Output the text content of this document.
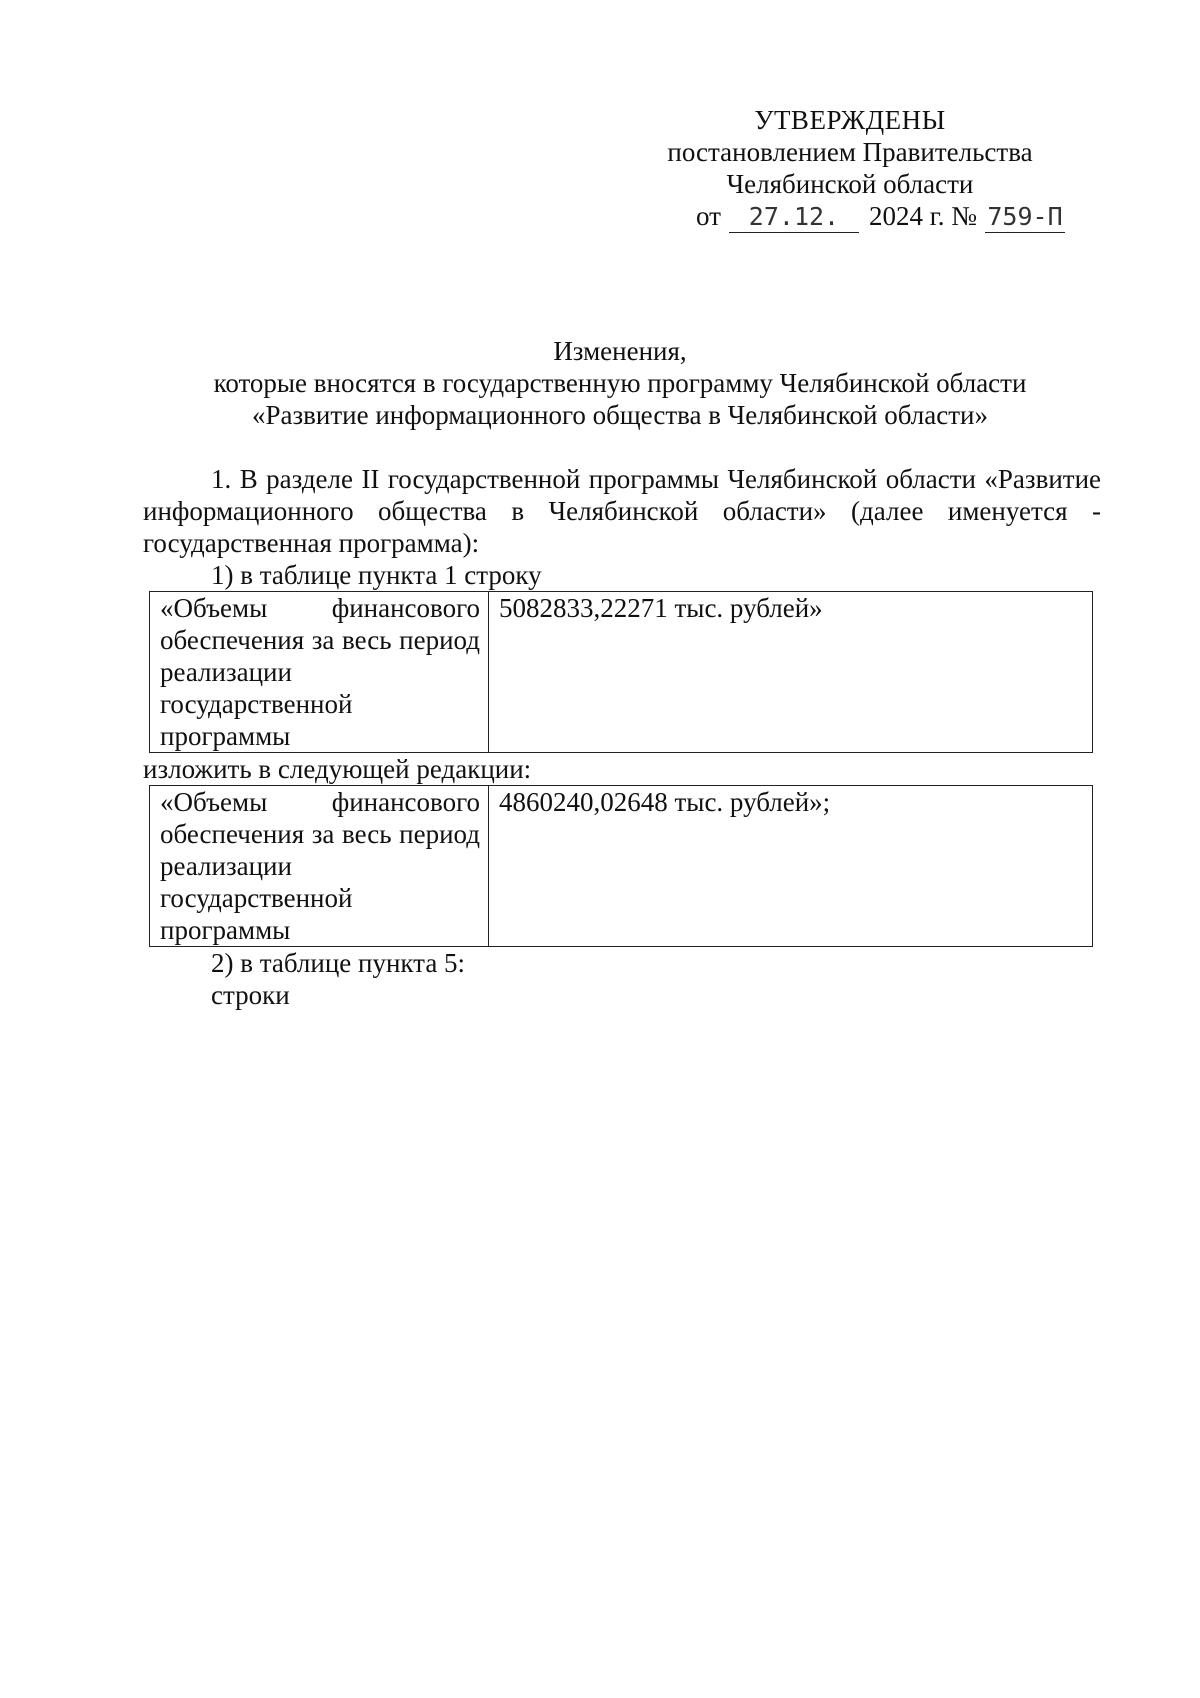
УТВЕРЖДЕНЫ
постановлением Правительства
Челябинской области
от 27.12. 2024 г. № 759-П
Изменения,
которые вносятся в государственную программу Челябинской области
«Развитие информационного общества в Челябинской области»

1. В разделе II государственной программы Челябинской области «Развитие информационного общества в Челябинской области» (далее именуется - государственная программа):

1) в таблице пункта 1 строку
«Объемы финансового обеспечения за весь период реализации государственной программы	5082833,22271 тыс. рублей»
изложить в следующей редакции:
«Объемы финансового обеспечения за весь период реализации государственной программы	4860240,02648 тыс. рублей»;
2) в таблице пункта 5:
строки
